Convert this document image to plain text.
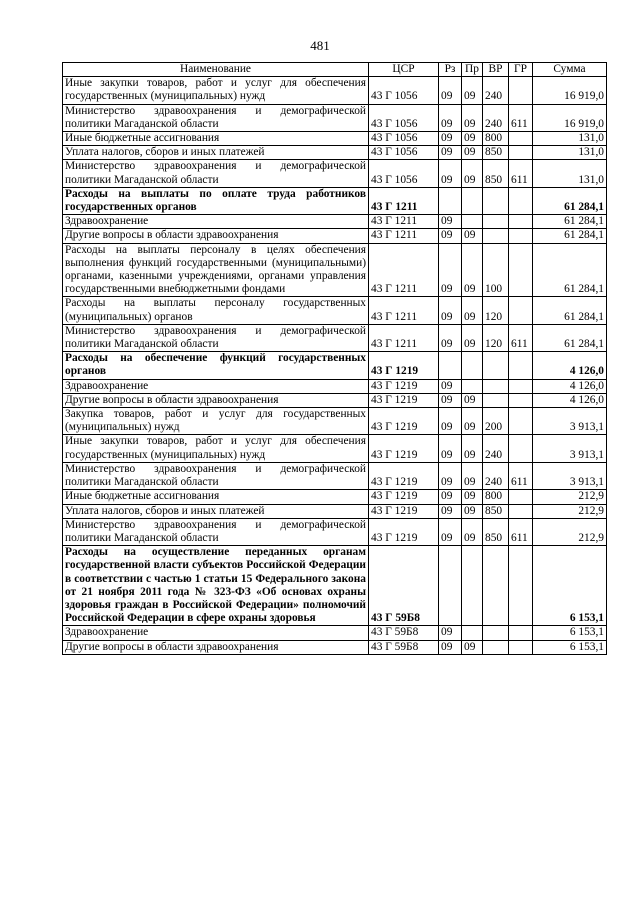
481
Наименование	ЦСР	Рз	Пр	ВР	ГР	Сумма
Иные закупки товаров, работ и услуг для обеспечения государственных (муниципальных) нужд	43 Г 1056	09	09	240		16 919,0
Министерство здравоохранения и демографической политики Магаданской области	43 Г 1056	09	09	240	611	16 919,0
Иные бюджетные ассигнования	43 Г 1056	09	09	800		131,0
Уплата налогов, сборов и иных платежей	43 Г 1056	09	09	850		131,0
Министерство здравоохранения и демографической политики Магаданской области	43 Г 1056	09	09	850	611	131,0
Расходы на выплаты по оплате труда работников государственных органов	43 Г 1211					61 284,1
Здравоохранение	43 Г 1211	09				61 284,1
Другие вопросы в области здравоохранения	43 Г 1211	09	09			61 284,1
Расходы на выплаты персоналу в целях обеспечения выполнения функций государственными (муниципальными) органами, казенными учреждениями, органами управления государственными внебюджетными фондами	43 Г 1211	09	09	100		61 284,1
Расходы на выплаты персоналу государственных (муниципальных) органов	43 Г 1211	09	09	120		61 284,1
Министерство здравоохранения и демографической политики Магаданской области	43 Г 1211	09	09	120	611	61 284,1
Расходы на обеспечение функций государственных органов	43 Г 1219					4 126,0
Здравоохранение	43 Г 1219	09				4 126,0
Другие вопросы в области здравоохранения	43 Г 1219	09	09			4 126,0
Закупка товаров, работ и услуг для государственных (муниципальных) нужд	43 Г 1219	09	09	200		3 913,1
Иные закупки товаров, работ и услуг для обеспечения государственных (муниципальных) нужд	43 Г 1219	09	09	240		3 913,1
Министерство здравоохранения и демографической политики Магаданской области	43 Г 1219	09	09	240	611	3 913,1
Иные бюджетные ассигнования	43 Г 1219	09	09	800		212,9
Уплата налогов, сборов и иных платежей	43 Г 1219	09	09	850		212,9
Министерство здравоохранения и демографической политики Магаданской области	43 Г 1219	09	09	850	611	212,9
Расходы на осуществление переданных органам государственной власти субъектов Российской Федерации в соответствии с частью 1 статьи 15 Федерального закона от 21 ноября 2011 года № 323-ФЗ «Об основах охраны здоровья граждан в Российской Федерации» полномочий Российской Федерации в сфере охраны здоровья	43 Г 59Б8					6 153,1
Здравоохранение	43 Г 59Б8	09				6 153,1
Другие вопросы в области здравоохранения	43 Г 59Б8	09	09			6 153,1
